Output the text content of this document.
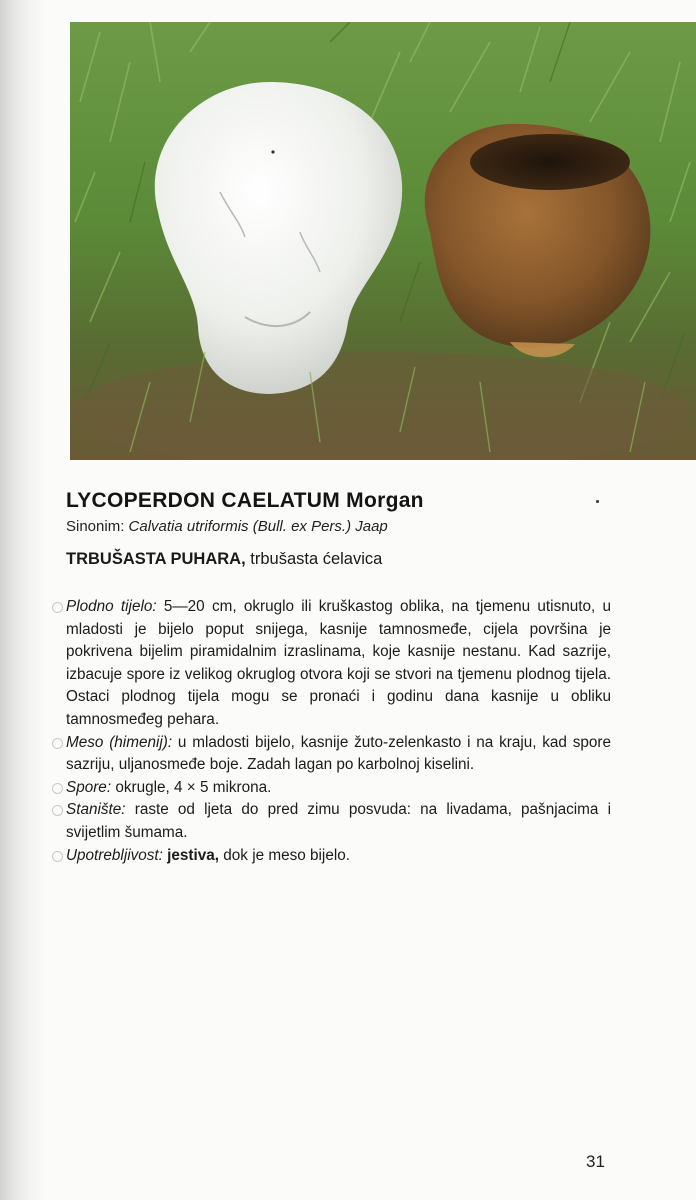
LYCOPERDON CAELATUM Morgan
Sinonim: Calvatia utriformis (Bull. ex Pers.) Jaap
TRBUŠASTA PUHARA, trbušasta ćelavica
Plodno tijelo: 5—20 cm, okruglo ili kruškastog oblika, na tjemenu utisnuto, u mladosti je bijelo poput snijega, kasnije tamnosmeđe, cijela površina je pokrivena bijelim piramidalnim izraslinama, koje kasnije nestanu. Kad sazrije, izbacuje spore iz velikog okruglog otvora koji se stvori na tjemenu plodnog tijela. Ostaci plodnog tijela mogu se pronaći i godinu dana kasnije u obliku tamnosmeđeg pehara.
Meso (himenij): u mladosti bijelo, kasnije žuto-zelenkasto i na kraju, kad spore sazriju, uljanosmeđe boje. Zadah lagan po karbolnoj kiselini.
Spore: okrugle, 4 × 5 mikrona.
Stanište: raste od ljeta do pred zimu posvuda: na livadama, pašnjacima i svijetlim šumama.
Upotrebljivost: jestiva, dok je meso bijelo.
31
